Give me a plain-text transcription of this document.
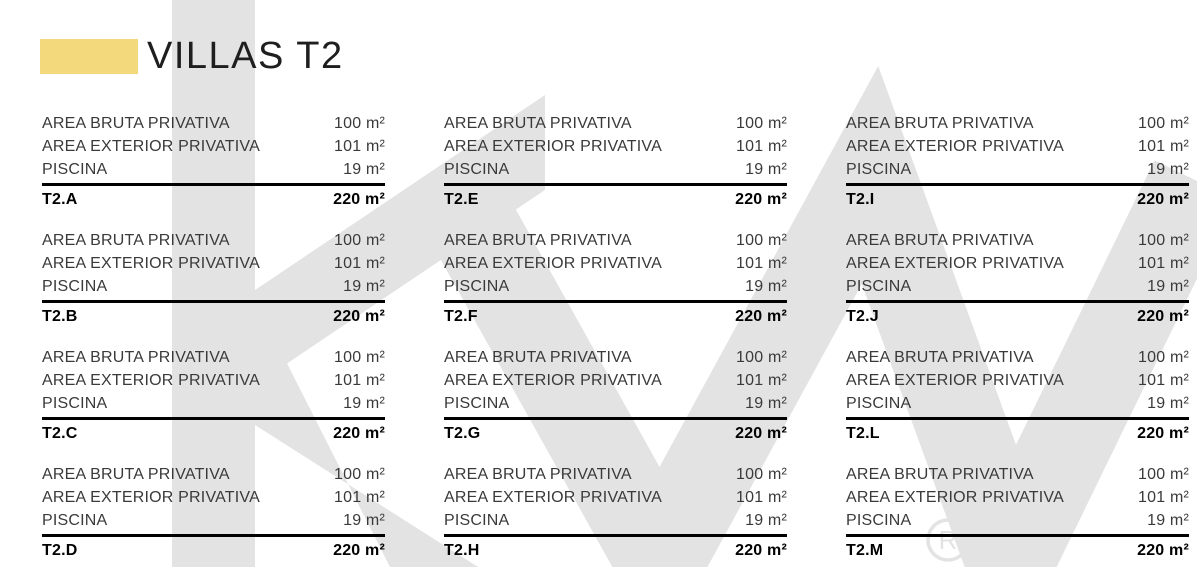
R
VILLAS T2
AREA BRUTA PRIVATIVA	100 m²
AREA EXTERIOR PRIVATIVA	101 m²
PISCINA	19 m²
T2.A	220 m²
AREA BRUTA PRIVATIVA	100 m²
AREA EXTERIOR PRIVATIVA	101 m²
PISCINA	19 m²
T2.E	220 m²
AREA BRUTA PRIVATIVA	100 m²
AREA EXTERIOR PRIVATIVA	101 m²
PISCINA	19 m²
T2.I	220 m²
AREA BRUTA PRIVATIVA	100 m²
AREA EXTERIOR PRIVATIVA	101 m²
PISCINA	19 m²
T2.B	220 m²
AREA BRUTA PRIVATIVA	100 m²
AREA EXTERIOR PRIVATIVA	101 m²
PISCINA	19 m²
T2.F	220 m²
AREA BRUTA PRIVATIVA	100 m²
AREA EXTERIOR PRIVATIVA	101 m²
PISCINA	19 m²
T2.J	220 m²
AREA BRUTA PRIVATIVA	100 m²
AREA EXTERIOR PRIVATIVA	101 m²
PISCINA	19 m²
T2.C	220 m²
AREA BRUTA PRIVATIVA	100 m²
AREA EXTERIOR PRIVATIVA	101 m²
PISCINA	19 m²
T2.G	220 m²
AREA BRUTA PRIVATIVA	100 m²
AREA EXTERIOR PRIVATIVA	101 m²
PISCINA	19 m²
T2.L	220 m²
AREA BRUTA PRIVATIVA	100 m²
AREA EXTERIOR PRIVATIVA	101 m²
PISCINA	19 m²
T2.D	220 m²
AREA BRUTA PRIVATIVA	100 m²
AREA EXTERIOR PRIVATIVA	101 m²
PISCINA	19 m²
T2.H	220 m²
AREA BRUTA PRIVATIVA	100 m²
AREA EXTERIOR PRIVATIVA	101 m²
PISCINA	19 m²
T2.M	220 m²
